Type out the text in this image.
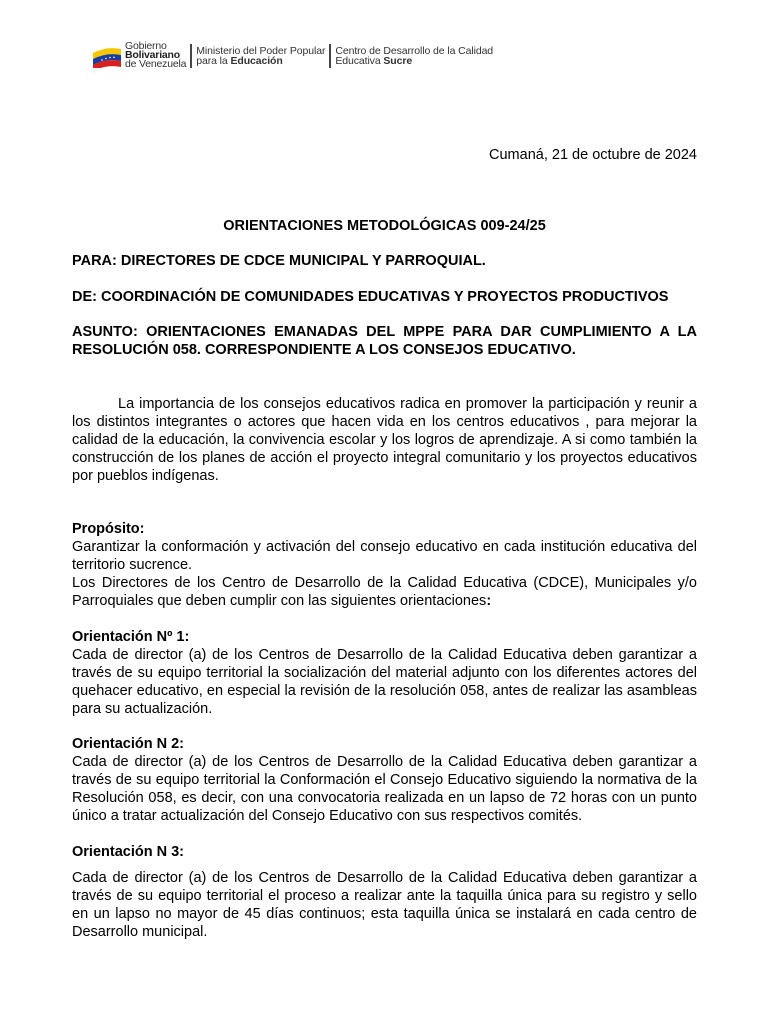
Gobierno
Bolivariano
de Venezuela
Ministerio del Poder Popular
para la Educación
Centro de Desarrollo de la Calidad
Educativa Sucre
Cumaná, 21 de octubre de 2024
ORIENTACIONES METODOLÓGICAS 009-24/25
PARA: DIRECTORES DE CDCE MUNICIPAL Y PARROQUIAL.
DE: COORDINACIÓN DE COMUNIDADES EDUCATIVAS Y PROYECTOS PRODUCTIVOS
ASUNTO: ORIENTACIONES EMANADAS DEL MPPE PARA DAR CUMPLIMIENTO A LA RESOLUCIÓN 058. CORRESPONDIENTE A LOS CONSEJOS EDUCATIVO.
La importancia de los consejos educativos radica en promover la participación y reunir a los distintos integrantes o actores que hacen vida en los centros educativos , para mejorar la calidad de la educación, la convivencia escolar y los logros de aprendizaje. A si como también la construcción de los planes de acción el proyecto integral comunitario y los proyectos educativos por pueblos indígenas.
Propósito:
Garantizar la conformación y activación del consejo educativo en cada institución educativa del territorio sucrence.
Los Directores de los Centro de Desarrollo de la Calidad Educativa (CDCE), Municipales y/o Parroquiales que deben cumplir con las siguientes orientaciones:
Orientación Nº 1:
Cada de director (a) de los Centros de Desarrollo de la Calidad Educativa deben garantizar a través de su equipo territorial la socialización del material adjunto con los diferentes actores del quehacer educativo, en especial la revisión de la resolución 058, antes de realizar las asambleas para su actualización.
Orientación N 2:
Cada de director (a) de los Centros de Desarrollo de la Calidad Educativa deben garantizar a través de su equipo territorial la Conformación el Consejo Educativo siguiendo la normativa de la Resolución 058, es decir, con una convocatoria realizada en un lapso de 72 horas con un punto único a tratar actualización del Consejo Educativo con sus respectivos comités.
Orientación N 3:
Cada de director (a) de los Centros de Desarrollo de la Calidad Educativa deben garantizar a través de su equipo territorial el proceso a realizar ante la taquilla única para su registro y sello en un lapso no mayor de 45 días continuos; esta taquilla única se instalará en cada centro de Desarrollo municipal.
